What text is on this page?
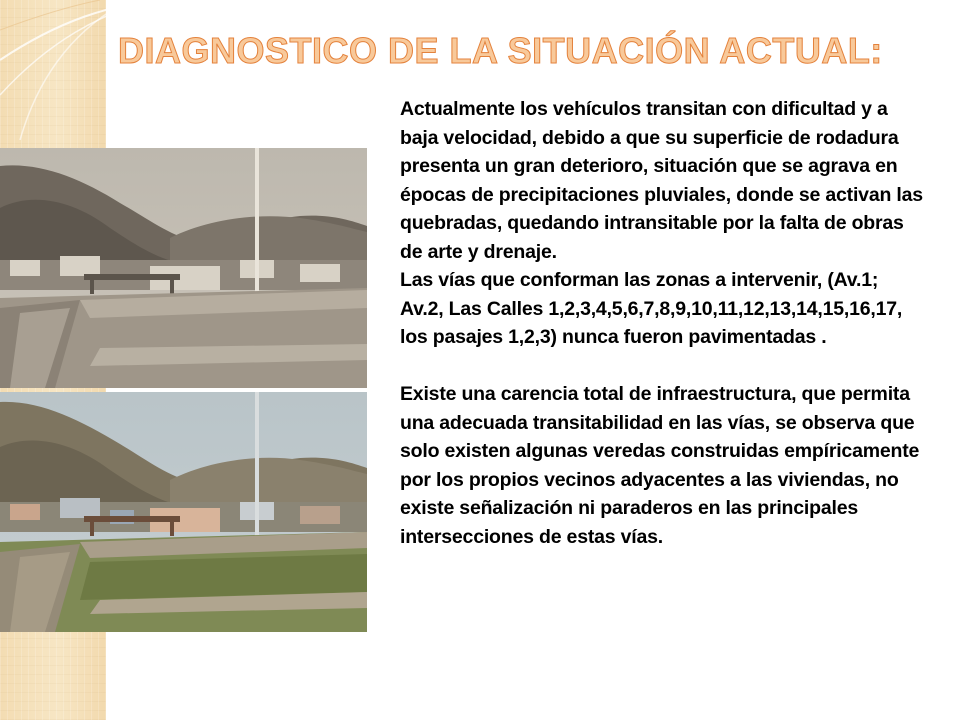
DIAGNOSTICO DE LA SITUACIÓN ACTUAL:

Actualmente los vehículos transitan con dificultad y a baja velocidad, debido a que su superficie de rodadura presenta un gran deterioro, situación que se agrava en épocas de precipitaciones pluviales, donde se activan las quebradas, quedando intransitable por la falta de obras de arte y drenaje.

Las vías que conforman las zonas a intervenir, (Av.1; Av.2, Las Calles 1,2,3,4,5,6,7,8,9,10,11,12,13,14,15,16,17, los pasajes 1,2,3) nunca fueron pavimentadas .

Existe una carencia total de infraestructura, que permita una adecuada transitabilidad en las vías, se observa que solo existen algunas veredas construidas empíricamente por los propios vecinos adyacentes a las viviendas, no existe señalización ni paraderos en las principales intersecciones de estas vías.
